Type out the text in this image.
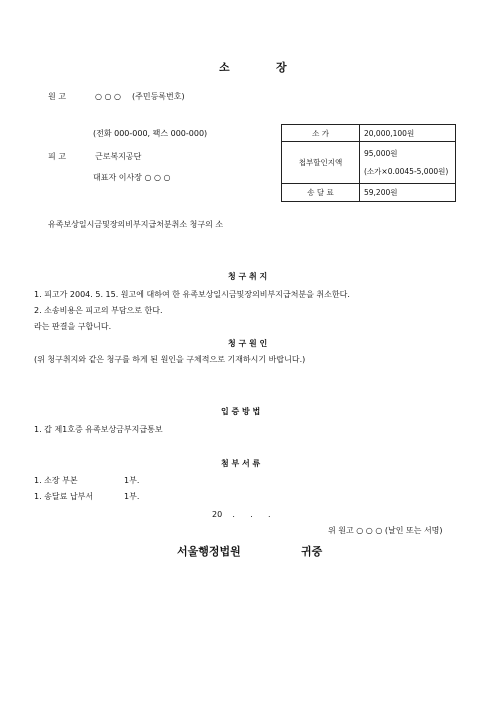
소	장
원 고	○ ○ ○ (주민등록번호)
(전화 000-000, 팩스 000-000)
피 고	근로복지공단
대표자 이사장 ○ ○ ○
소 가	20,000,100원
첩부할인지액	95,000원
(소가×0.0045-5,000원)

송 달 료	59,200원
유족보상일시금및장의비부지급처분취소 청구의 소
청 구 취 지
1. 피고가 2004. 5. 15. 원고에 대하여 한 유족보상일시금및장의비부지급처분을 취소한다.
2. 소송비용은 피고의 부담으로 한다.
라는 판결을 구합니다.
청 구 원 인
(위 청구취지와 같은 청구를 하게 된 원인을 구체적으로 기재하시기 바랍니다.)
입 증 방 법
1. 갑 제1호증 유족보상금부지급통보
첨 부 서 류
1. 소장 부본	1부.
1. 송달료 납부서	1부.
20    .      .      .
위 원고 ○ ○ ○ (날인 또는 서명)
서울행정법원	귀중
